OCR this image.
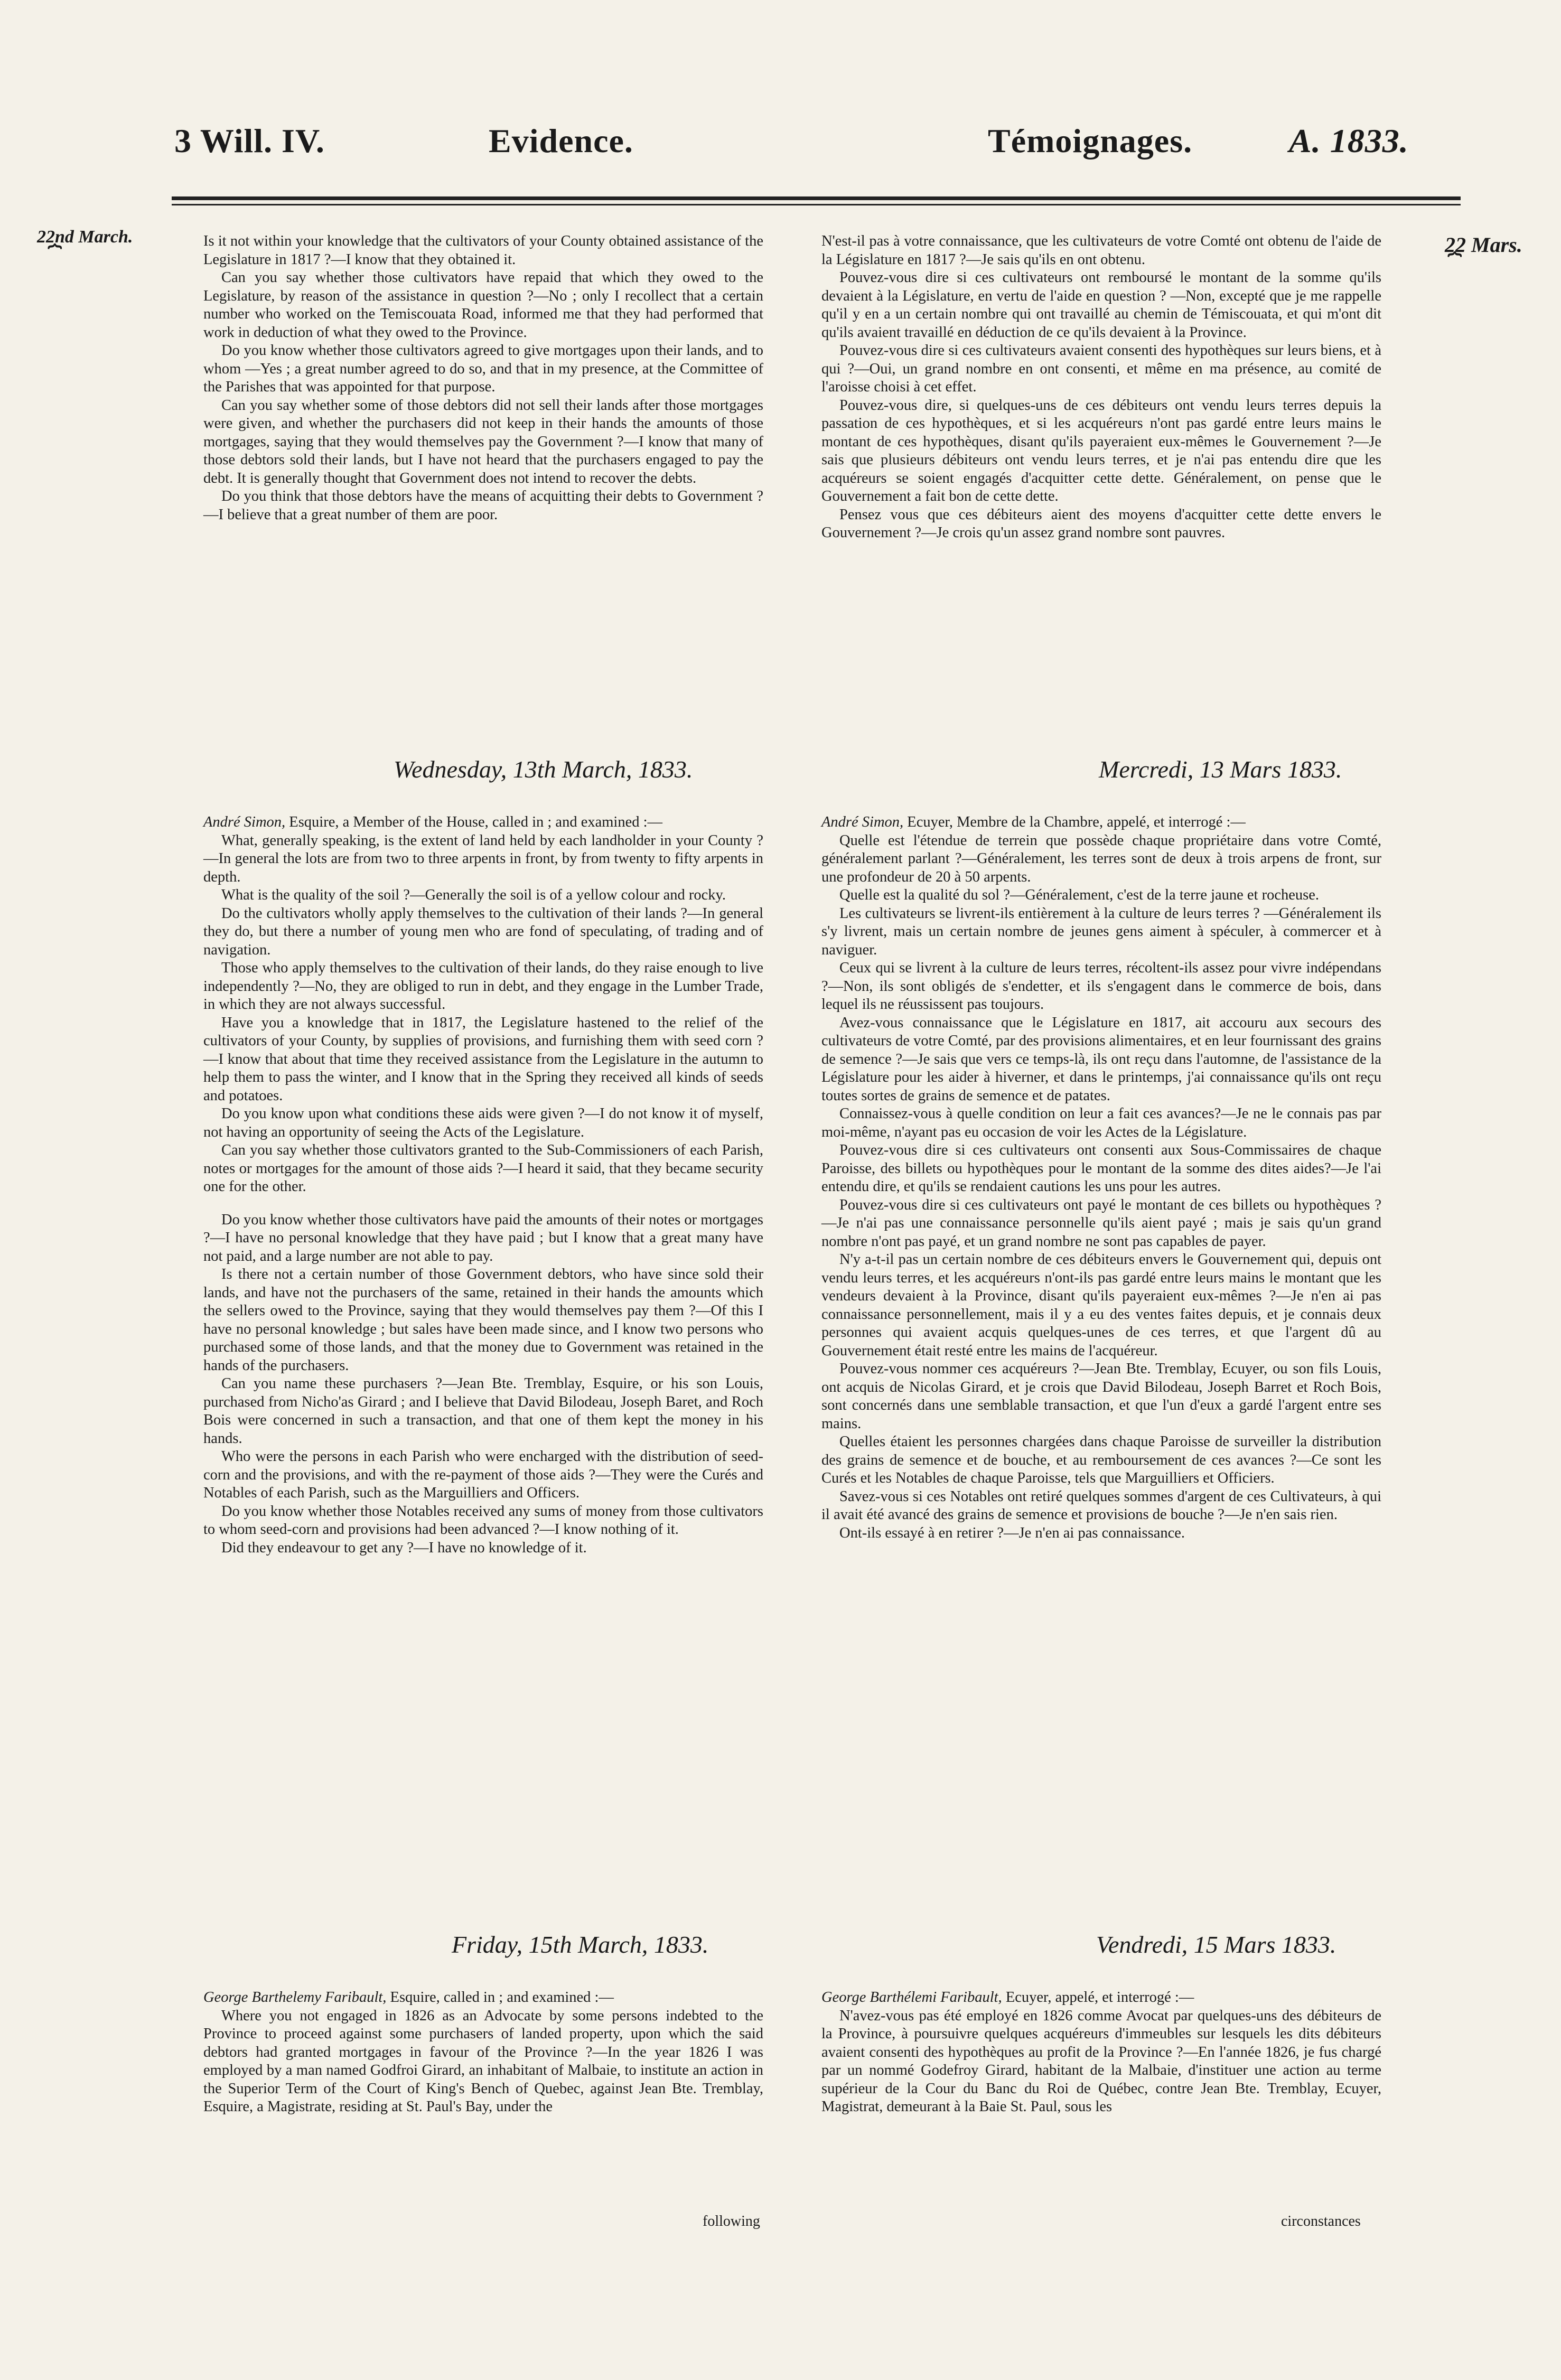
3 Will. IV.	Evidence.	Témoignages.	A. 1833.
22nd March.
⏞	22 Mars.
⏞

Is it not within your knowledge that the cultivators of your County obtained assistance of the Legislature in 1817 ?—I know that they obtained it.

Can you say whether those cultivators have repaid that which they owed to the Legislature, by reason of the assistance in question ?—No ; only I recollect that a certain number who worked on the Temiscouata Road, informed me that they had performed that work in deduction of what they owed to the Province.

Do you know whether those cultivators agreed to give mortgages upon their lands, and to whom —Yes ; a great number agreed to do so, and that in my presence, at the Committee of the Parishes that was appointed for that purpose.

Can you say whether some of those debtors did not sell their lands after those mortgages were given, and whether the purchasers did not keep in their hands the amounts of those mortgages, saying that they would themselves pay the Government ?—I know that many of those debtors sold their lands, but I have not heard that the purchasers engaged to pay the debt. It is generally thought that Government does not intend to recover the debts.

Do you think that those debtors have the means of acquitting their debts to Government ?—I believe that a great number of them are poor.

N'est-il pas à votre connaissance, que les cultivateurs de votre Comté ont obtenu de l'aide de la Législature en 1817 ?—Je sais qu'ils en ont obtenu.

Pouvez-vous dire si ces cultivateurs ont remboursé le montant de la somme qu'ils devaient à la Législature, en vertu de l'aide en question ? —Non, excepté que je me rappelle qu'il y en a un certain nombre qui ont travaillé au chemin de Témiscouata, et qui m'ont dit qu'ils avaient travaillé en déduction de ce qu'ils devaient à la Province.

Pouvez-vous dire si ces cultivateurs avaient consenti des hypothèques sur leurs biens, et à qui ?—Oui, un grand nombre en ont consenti, et même en ma présence, au comité de l'aroisse choisi à cet effet.

Pouvez-vous dire, si quelques-uns de ces débiteurs ont vendu leurs terres depuis la passation de ces hypothèques, et si les acquéreurs n'ont pas gardé entre leurs mains le montant de ces hypothèques, disant qu'ils payeraient eux-mêmes le Gouvernement ?—Je sais que plusieurs débiteurs ont vendu leurs terres, et je n'ai pas entendu dire que les acquéreurs se soient engagés d'acquitter cette dette. Généralement, on pense que le Gouvernement a fait bon de cette dette.

Pensez vous que ces débiteurs aient des moyens d'acquitter cette dette envers le Gouvernement ?—Je crois qu'un assez grand nombre sont pauvres.

Wednesday, 13th March, 1833.	Mercredi, 13 Mars 1833.

André Simon, Esquire, a Member of the House, called in ; and examined :—

What, generally speaking, is the extent of land held by each landholder in your County ?—In general the lots are from two to three arpents in front, by from twenty to fifty arpents in depth.

What is the quality of the soil ?—Generally the soil is of a yellow colour and rocky.

Do the cultivators wholly apply themselves to the cultivation of their lands ?—In general they do, but there a number of young men who are fond of speculating, of trading and of navigation.

Those who apply themselves to the cultivation of their lands, do they raise enough to live independently ?—No, they are obliged to run in debt, and they engage in the Lumber Trade, in which they are not always successful.

Have you a knowledge that in 1817, the Legislature hastened to the relief of the cultivators of your County, by supplies of provisions, and furnishing them with seed corn ?—I know that about that time they received assistance from the Legislature in the autumn to help them to pass the winter, and I know that in the Spring they received all kinds of seeds and potatoes.

Do you know upon what conditions these aids were given ?—I do not know it of myself, not having an opportunity of seeing the Acts of the Legislature.

Can you say whether those cultivators granted to the Sub-Commissioners of each Parish, notes or mortgages for the amount of those aids ?—I heard it said, that they became security one for the other.

Do you know whether those cultivators have paid the amounts of their notes or mortgages ?—I have no personal knowledge that they have paid ; but I know that a great many have not paid, and a large number are not able to pay.

Is there not a certain number of those Government debtors, who have since sold their lands, and have not the purchasers of the same, retained in their hands the amounts which the sellers owed to the Province, saying that they would themselves pay them ?—Of this I have no personal knowledge ; but sales have been made since, and I know two persons who purchased some of those lands, and that the money due to Government was retained in the hands of the purchasers.

Can you name these purchasers ?—Jean Bte. Tremblay, Esquire, or his son Louis, purchased from Nicho'as Girard ; and I believe that David Bilodeau, Joseph Baret, and Roch Bois were concerned in such a transaction, and that one of them kept the money in his hands.

Who were the persons in each Parish who were encharged with the distribution of seed-corn and the provisions, and with the re-payment of those aids ?—They were the Curés and Notables of each Parish, such as the Marguilliers and Officers.

Do you know whether those Notables received any sums of money from those cultivators to whom seed-corn and provisions had been advanced ?—I know nothing of it.

Did they endeavour to get any ?—I have no knowledge of it.

André Simon, Ecuyer, Membre de la Chambre, appelé, et interrogé :—

Quelle est l'étendue de terrein que possède chaque propriétaire dans votre Comté, généralement parlant ?—Généralement, les terres sont de deux à trois arpens de front, sur une profondeur de 20 à 50 arpents.

Quelle est la qualité du sol ?—Généralement, c'est de la terre jaune et rocheuse.

Les cultivateurs se livrent-ils entièrement à la culture de leurs terres ? —Généralement ils s'y livrent, mais un certain nombre de jeunes gens aiment à spéculer, à commercer et à naviguer.

Ceux qui se livrent à la culture de leurs terres, récoltent-ils assez pour vivre indépendans ?—Non, ils sont obligés de s'endetter, et ils s'engagent dans le commerce de bois, dans lequel ils ne réussissent pas toujours.

Avez-vous connaissance que le Législature en 1817, ait accouru aux secours des cultivateurs de votre Comté, par des provisions alimentaires, et en leur fournissant des grains de semence ?—Je sais que vers ce temps-là, ils ont reçu dans l'automne, de l'assistance de la Législature pour les aider à hiverner, et dans le printemps, j'ai connaissance qu'ils ont reçu toutes sortes de grains de semence et de patates.

Connaissez-vous à quelle condition on leur a fait ces avances?—Je ne le connais pas par moi-même, n'ayant pas eu occasion de voir les Actes de la Législature.

Pouvez-vous dire si ces cultivateurs ont consenti aux Sous-Commissaires de chaque Paroisse, des billets ou hypothèques pour le montant de la somme des dites aides?—Je l'ai entendu dire, et qu'ils se rendaient cautions les uns pour les autres.

Pouvez-vous dire si ces cultivateurs ont payé le montant de ces billets ou hypothèques ?—Je n'ai pas une connaissance personnelle qu'ils aient payé ; mais je sais qu'un grand nombre n'ont pas payé, et un grand nombre ne sont pas capables de payer.

N'y a-t-il pas un certain nombre de ces débiteurs envers le Gouvernement qui, depuis ont vendu leurs terres, et les acquéreurs n'ont-ils pas gardé entre leurs mains le montant que les vendeurs devaient à la Province, disant qu'ils payeraient eux-mêmes ?—Je n'en ai pas connaissance personnellement, mais il y a eu des ventes faites depuis, et je connais deux personnes qui avaient acquis quelques-unes de ces terres, et que l'argent dû au Gouvernement était resté entre les mains de l'acquéreur.

Pouvez-vous nommer ces acquéreurs ?—Jean Bte. Tremblay, Ecuyer, ou son fils Louis, ont acquis de Nicolas Girard, et je crois que David Bilodeau, Joseph Barret et Roch Bois, sont concernés dans une semblable transaction, et que l'un d'eux a gardé l'argent entre ses mains.

Quelles étaient les personnes chargées dans chaque Paroisse de surveiller la distribution des grains de semence et de bouche, et au remboursement de ces avances ?—Ce sont les Curés et les Notables de chaque Paroisse, tels que Marguilliers et Officiers.

Savez-vous si ces Notables ont retiré quelques sommes d'argent de ces Cultivateurs, à qui il avait été avancé des grains de semence et provisions de bouche ?—Je n'en sais rien.

Ont-ils essayé à en retirer ?—Je n'en ai pas connaissance.

Friday, 15th March, 1833.	Vendredi, 15 Mars 1833.

George Barthelemy Faribault, Esquire, called in ; and examined :—

Where you not engaged in 1826 as an Advocate by some persons indebted to the Province to proceed against some purchasers of landed property, upon which the said debtors had granted mortgages in favour of the Province ?—In the year 1826 I was employed by a man named Godfroi Girard, an inhabitant of Malbaie, to institute an action in the Superior Term of the Court of King's Bench of Quebec, against Jean Bte. Tremblay, Esquire, a Magistrate, residing at St. Paul's Bay, under the

George Barthélemi Faribault, Ecuyer, appelé, et interrogé :—

N'avez-vous pas été employé en 1826 comme Avocat par quelques-uns des débiteurs de la Province, à poursuivre quelques acquéreurs d'immeubles sur lesquels les dits débiteurs avaient consenti des hypothèques au profit de la Province ?—En l'année 1826, je fus chargé par un nommé Godefroy Girard, habitant de la Malbaie, d'instituer une action au terme supérieur de la Cour du Banc du Roi de Québec, contre Jean Bte. Tremblay, Ecuyer, Magistrat, demeurant à la Baie St. Paul, sous les

following	circonstances
